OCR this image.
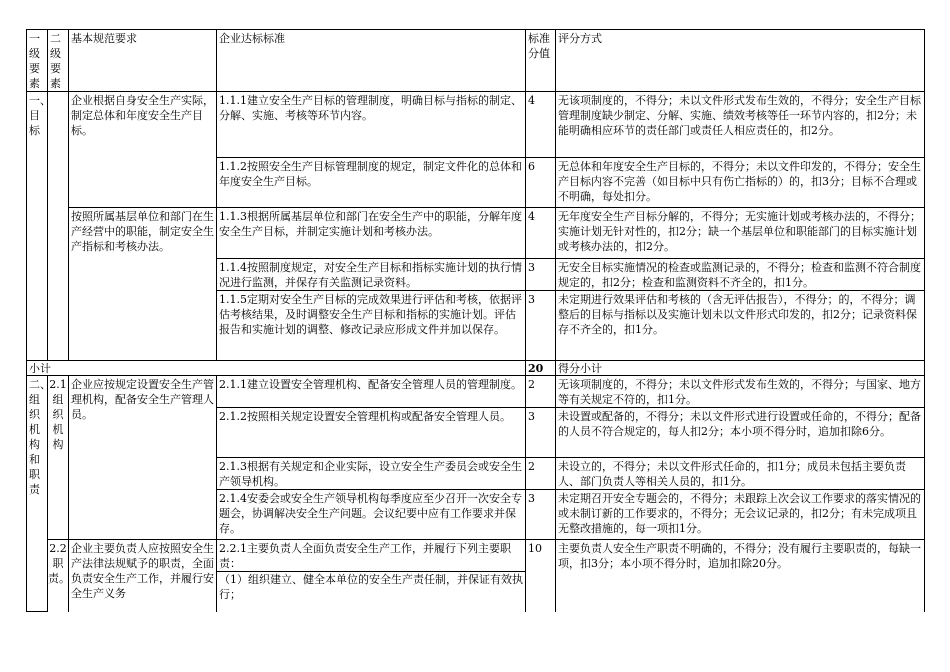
一级要素	二级要素	基本规范要求	企业达标标准	标准分值	评分方式
一、目标		企业根据自身安全生产实际，制定总体和年度安全生产目标。	1.1.1建立安全生产目标的管理制度，明确目标与指标的制定、分解、实施、考核等环节内容。	4	无该项制度的，不得分；未以文件形式发布生效的，不得分；安全生产目标管理制度缺少制定、分解、实施、绩效考核等任一环节内容的，扣2分；未能明确相应环节的责任部门或责任人相应责任的，扣2分。
			1.1.2按照安全生产目标管理制度的规定，制定文件化的总体和年度安全生产目标。	6	无总体和年度安全生产目标的，不得分；未以文件印发的，不得分；安全生产目标内容不完善（如目标中只有伤亡指标的）的，扣3分；目标不合理或不明确，每处扣分。
		按照所属基层单位和部门在生产经营中的职能，制定安全生产指标和考核办法。	1.1.3根据所属基层单位和部门在安全生产中的职能，分解年度安全生产目标，并制定实施计划和考核办法。	4	无年度安全生产目标分解的，不得分；无实施计划或考核办法的，不得分；实施计划无针对性的，扣2分；缺一个基层单位和职能部门的目标实施计划或考核办法的，扣2分。
			1.1.4按照制度规定，对安全生产目标和指标实施计划的执行情况进行监测，并保存有关监测记录资料。	3	无安全目标实施情况的检查或监测记录的，不得分；检查和监测不符合制度规定的，扣2分；检查和监测资料不齐全的，扣1分。
			1.1.5定期对安全生产目标的完成效果进行评估和考核，依据评估考核结果，及时调整安全生产目标和指标的实施计划。评估报告和实施计划的调整、修改记录应形成文件并加以保存。	3	未定期进行效果评估和考核的（含无评估报告），不得分；的，不得分；调整后的目标与指标以及实施计划未以文件形式印发的，扣2分；记录资料保存不齐全的，扣1分。
小计				20	得分小计
二、组织机构和职责	2.1组织机构	企业应按规定设置安全生产管理机构，配备安全生产管理人员。	2.1.1建立设置安全管理机构、配备安全管理人员的管理制度。	2	无该项制度的，不得分；未以文件形式发布生效的，不得分；与国家、地方等有关规定不符的，扣1分。
			2.1.2按照相关规定设置安全管理机构或配备安全管理人员。	3	未设置或配备的，不得分；未以文件形式进行设置或任命的，不得分；配备的人员不符合规定的，每人扣2分；本小项不得分时，追加扣除6分。
			2.1.3根据有关规定和企业实际，设立安全生产委员会或安全生产领导机构。	2	未设立的，不得分；未以文件形式任命的，扣1分；成员未包括主要负责人、部门负责人等相关人员的，扣1分。
			2.1.4安委会或安全生产领导机构每季度应至少召开一次安全专题会，协调解决安全生产问题。会议纪要中应有工作要求并保存。	3	未定期召开安全专题会的，不得分；未跟踪上次会议工作要求的落实情况的或未制订新的工作要求的，不得分；无会议记录的，扣2分；有未完成项且无整改措施的，每一项扣1分。
	2.2职责。	企业主要负责人应按照安全生产法律法规赋予的职责，全面负责安全生产工作，并履行安全生产义务	2.2.1主要负责人全面负责安全生产工作，并履行下列主要职责：
（1）组织建立、健全本单位的安全生产责任制，并保证有效执行；	10	主要负责人安全生产职责不明确的，不得分；没有履行主要职责的，每缺一项，扣3分；本小项不得分时，追加扣除20分。
